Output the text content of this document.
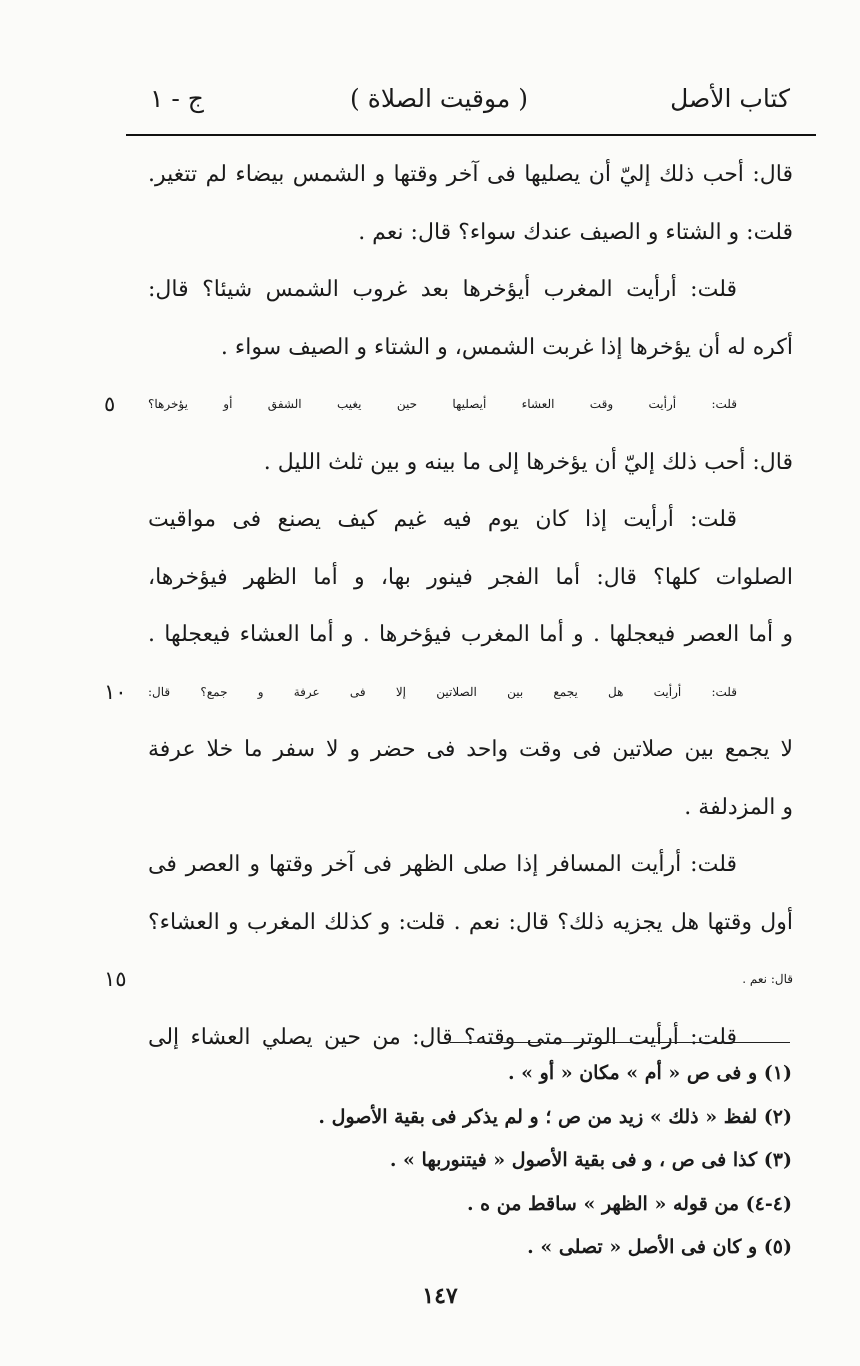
كتاب الأصل
( موقيت الصلاة )
ج - ١
قال: أحب ذلك إليّ أن يصليها فى آخر وقتها و الشمس بيضاء لم تتغير.
قلت: و الشتاء و الصيف عندك سواء؟ قال: نعم .
قلت: أرأيت المغرب أيؤخرها بعد غروب الشمس شيئا؟ قال:
أكره له أن يؤخرها إذا غربت الشمس، و الشتاء و الصيف سواء .
قلت: أرأيت وقت العشاء أيصليها حين يغيب الشفق أو يؤخرها؟
٥
قال: أحب ذلك إليّ أن يؤخرها إلى ما بينه و بين ثلث الليل .
قلت: أرأيت إذا كان يوم فيه غيم كيف يصنع فى مواقيت
الصلوات كلها؟ قال: أما الفجر فينور بها، و أما الظهر فيؤخرها،
و أما العصر فيعجلها . و أما المغرب فيؤخرها . و أما العشاء فيعجلها .
قلت: أرأيت هل يجمع بين الصلاتين إلا فى عرفة و جمع؟ قال:
١٠
لا يجمع بين صلاتين فى وقت واحد فى حضر و لا سفر ما خلا عرفة
و المزدلفة .
قلت: أرأيت المسافر إذا صلى الظهر فى آخر وقتها و العصر فى
أول وقتها هل يجزيه ذلك؟ قال: نعم . قلت: و كذلك المغرب و العشاء؟
قال: نعم .
١٥
قلت: أرأيت الوتر متى وقته؟ قال: من حين يصلي العشاء إلى
(١) و فى ص « أم » مكان « أو » .
(٢) لفظ « ذلك » زيد من ص ؛ و لم يذكر فى بقية الأصول .
(٣) كذا فى ص ، و فى بقية الأصول « فيتنوربها » .
(٤-٤) من قوله « الظهر » ساقط من ه .
(٥) و كان فى الأصل « تصلى » .
١٤٧
